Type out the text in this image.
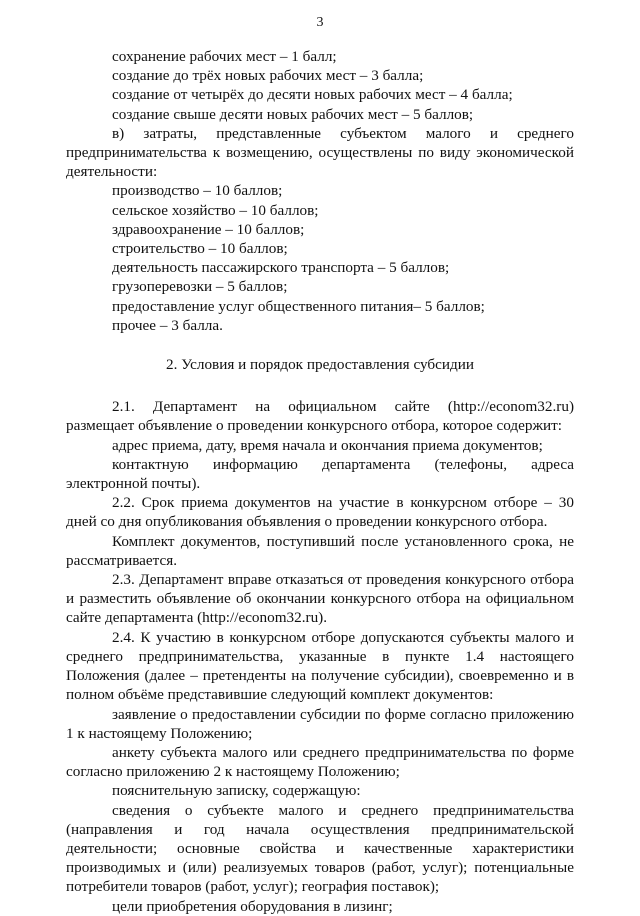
3
сохранение рабочих мест – 1 балл;
создание до трёх новых рабочих мест – 3 балла;
создание от четырёх до десяти новых рабочих мест – 4 балла;
создание свыше десяти новых рабочих мест – 5 баллов;
в) затраты, представленные субъектом малого и среднего предпринимательства к возмещению, осуществлены по виду экономической деятельности:
производство – 10 баллов;
сельское хозяйство – 10 баллов;
здравоохранение – 10 баллов;
строительство – 10 баллов;
деятельность пассажирского транспорта – 5 баллов;
грузоперевозки – 5 баллов;
предоставление услуг общественного питания– 5 баллов;
прочее – 3 балла.
2. Условия и порядок предоставления субсидии
2.1. Департамент на официальном сайте (http://econom32.ru) размещает объявление о проведении конкурсного отбора, которое содержит:
адрес приема, дату, время начала и окончания приема документов;
контактную информацию департамента (телефоны, адреса электронной почты).
2.2. Срок приема документов на участие в конкурсном отборе – 30 дней со дня опубликования объявления о проведении конкурсного отбора.
Комплект документов, поступивший после установленного срока, не рассматривается.
2.3. Департамент вправе отказаться от проведения конкурсного отбора и разместить объявление об окончании конкурсного отбора на официальном сайте департамента (http://econom32.ru).
2.4. К участию в конкурсном отборе допускаются субъекты малого и среднего предпринимательства, указанные в пункте 1.4 настоящего Положения (далее – претенденты на получение субсидии), своевременно и в полном объёме представившие следующий комплект документов:
заявление о предоставлении субсидии по форме согласно приложению 1 к настоящему Положению;
анкету субъекта малого или среднего предпринимательства по форме согласно приложению 2 к настоящему Положению;
пояснительную записку, содержащую:
сведения о субъекте малого и среднего предпринимательства (направления и год начала осуществления предпринимательской деятельности; основные свойства и качественные характеристики производимых и (или) реализуемых товаров (работ, услуг); потенциальные потребители товаров (работ, услуг); география поставок);
цели приобретения оборудования в лизинг;
